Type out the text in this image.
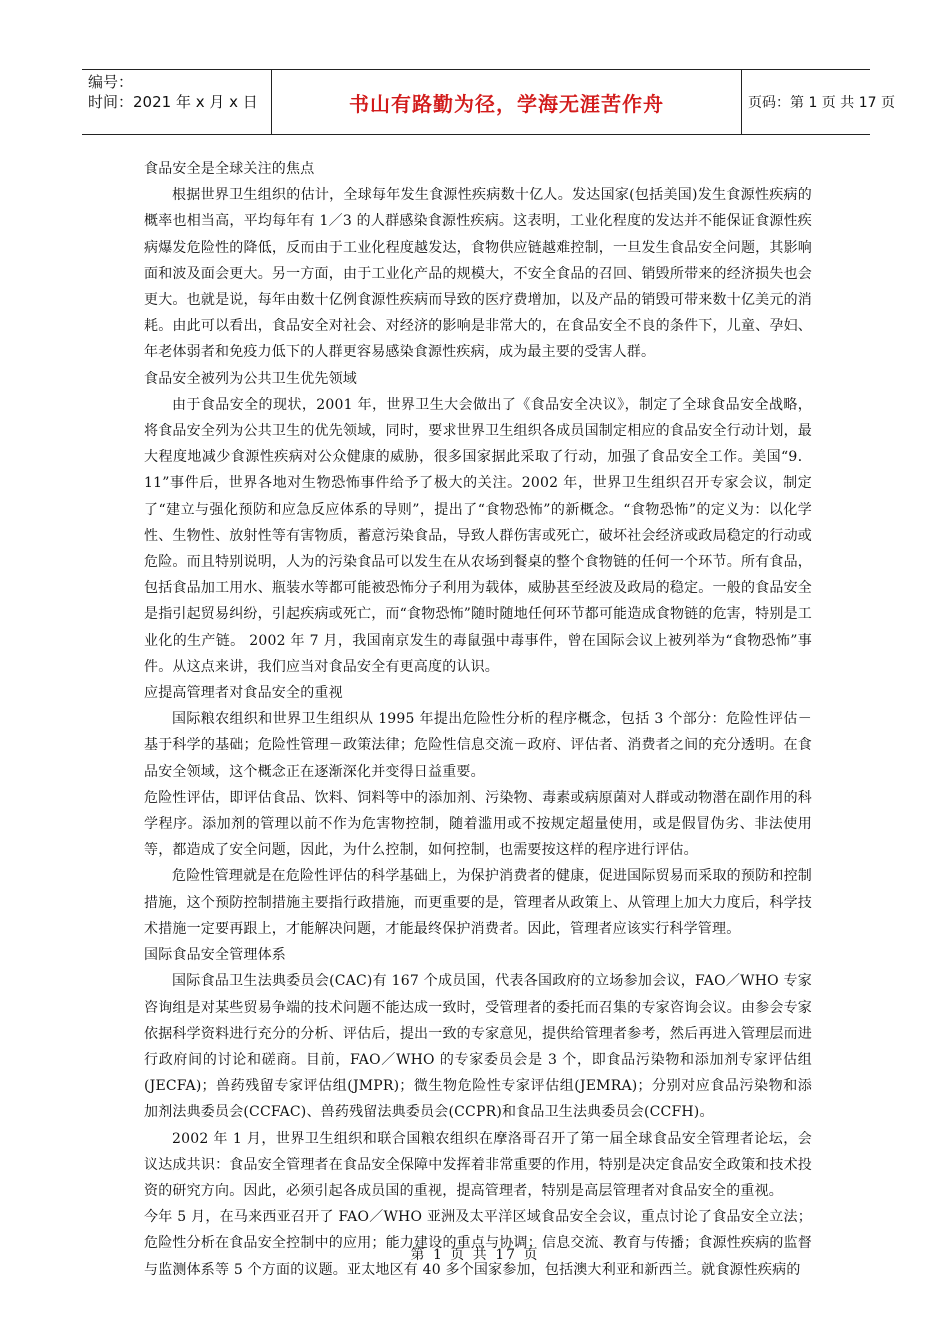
编号：
时间：2021 年 x 月 x 日	书山有路勤为径，学海无涯苦作舟	页码：第 1 页 共 17 页

食品安全是全球关注的焦点

根据世界卫生组织的估计，全球每年发生食源性疾病数十亿人。发达国家(包括美国)发生食源性疾病的概率也相当高，平均每年有 1／3 的人群感染食源性疾病。这表明，工业化程度的发达并不能保证食源性疾病爆发危险性的降低，反而由于工业化程度越发达，食物供应链越难控制，一旦发生食品安全问题，其影响面和波及面会更大。另一方面，由于工业化产品的规模大，不安全食品的召回、销毁所带来的经济损失也会更大。也就是说，每年由数十亿例食源性疾病而导致的医疗费增加，以及产品的销毁可带来数十亿美元的消耗。由此可以看出，食品安全对社会、对经济的影响是非常大的，在食品安全不良的条件下，儿童、孕妇、年老体弱者和免疫力低下的人群更容易感染食源性疾病，成为最主要的受害人群。

食品安全被列为公共卫生优先领域

由于食品安全的现状，2001 年，世界卫生大会做出了《食品安全决议》，制定了全球食品安全战略，将食品安全列为公共卫生的优先领域，同时，要求世界卫生组织各成员国制定相应的食品安全行动计划，最大程度地减少食源性疾病对公众健康的威胁，很多国家据此采取了行动，加强了食品安全工作。美国“9．11”事件后，世界各地对生物恐怖事件给予了极大的关注。2002 年，世界卫生组织召开专家会议，制定了“建立与强化预防和应急反应体系的导则”，提出了“食物恐怖”的新概念。“食物恐怖”的定义为：以化学性、生物性、放射性等有害物质，蓄意污染食品，导致人群伤害或死亡，破坏社会经济或政局稳定的行动或危险。而且特别说明，人为的污染食品可以发生在从农场到餐桌的整个食物链的任何一个环节。所有食品，包括食品加工用水、瓶装水等都可能被恐怖分子利用为载体，威胁甚至经波及政局的稳定。一般的食品安全是指引起贸易纠纷，引起疾病或死亡，而“食物恐怖”随时随地任何环节都可能造成食物链的危害，特别是工业化的生产链。 2002 年 7 月，我国南京发生的毒鼠强中毒事件，曾在国际会议上被列举为“食物恐怖”事件。从这点来讲，我们应当对食品安全有更高度的认识。

应提高管理者对食品安全的重视

国际粮农组织和世界卫生组织从 1995 年提出危险性分析的程序概念，包括 3 个部分：危险性评估－基于科学的基础；危险性管理－政策法律；危险性信息交流－政府、评估者、消费者之间的充分透明。在食品安全领域，这个概念正在逐渐深化并变得日益重要。

危险性评估，即评估食品、饮料、饲料等中的添加剂、污染物、毒素或病原菌对人群或动物潜在副作用的科学程序。添加剂的管理以前不作为危害物控制，随着滥用或不按规定超量使用，或是假冒伪劣、非法使用等，都造成了安全问题，因此，为什么控制，如何控制，也需要按这样的程序进行评估。

危险性管理就是在危险性评估的科学基础上，为保护消费者的健康，促进国际贸易而采取的预防和控制措施，这个预防控制措施主要指行政措施，而更重要的是，管理者从政策上、从管理上加大力度后，科学技术措施一定要再跟上，才能解决问题，才能最终保护消费者。因此，管理者应该实行科学管理。

国际食品安全管理体系

国际食品卫生法典委员会(CAC)有 167 个成员国，代表各国政府的立场参加会议，FAO／WHO 专家咨询组是对某些贸易争端的技术问题不能达成一致时，受管理者的委托而召集的专家咨询会议。由参会专家依据科学资料进行充分的分析、评估后，提出一致的专家意见，提供给管理者参考，然后再进入管理层而进行政府间的讨论和磋商。目前，FAO／WHO 的专家委员会是 3 个，即食品污染物和添加剂专家评估组(JECFA)；兽药残留专家评估组(JMPR)；微生物危险性专家评估组(JEMRA)；分别对应食品污染物和添加剂法典委员会(CCFAC)、兽药残留法典委员会(CCPR)和食品卫生法典委员会(CCFH)。

2002 年 1 月，世界卫生组织和联合国粮农组织在摩洛哥召开了第一届全球食品安全管理者论坛，会议达成共识：食品安全管理者在食品安全保障中发挥着非常重要的作用，特别是决定食品安全政策和技术投资的研究方向。因此，必须引起各成员国的重视，提高管理者，特别是高层管理者对食品安全的重视。

今年 5 月，在马来西亚召开了 FAO／WHO 亚洲及太平洋区域食品安全会议，重点讨论了食品安全立法；危险性分析在食品安全控制中的应用；能力建设的重点与协调；信息交流、教育与传播；食源性疾病的监督与监测体系等 5 个方面的议题。亚太地区有 40 多个国家参加，包括澳大利亚和新西兰。就食源性疾病的

第 1 页 共 17 页
